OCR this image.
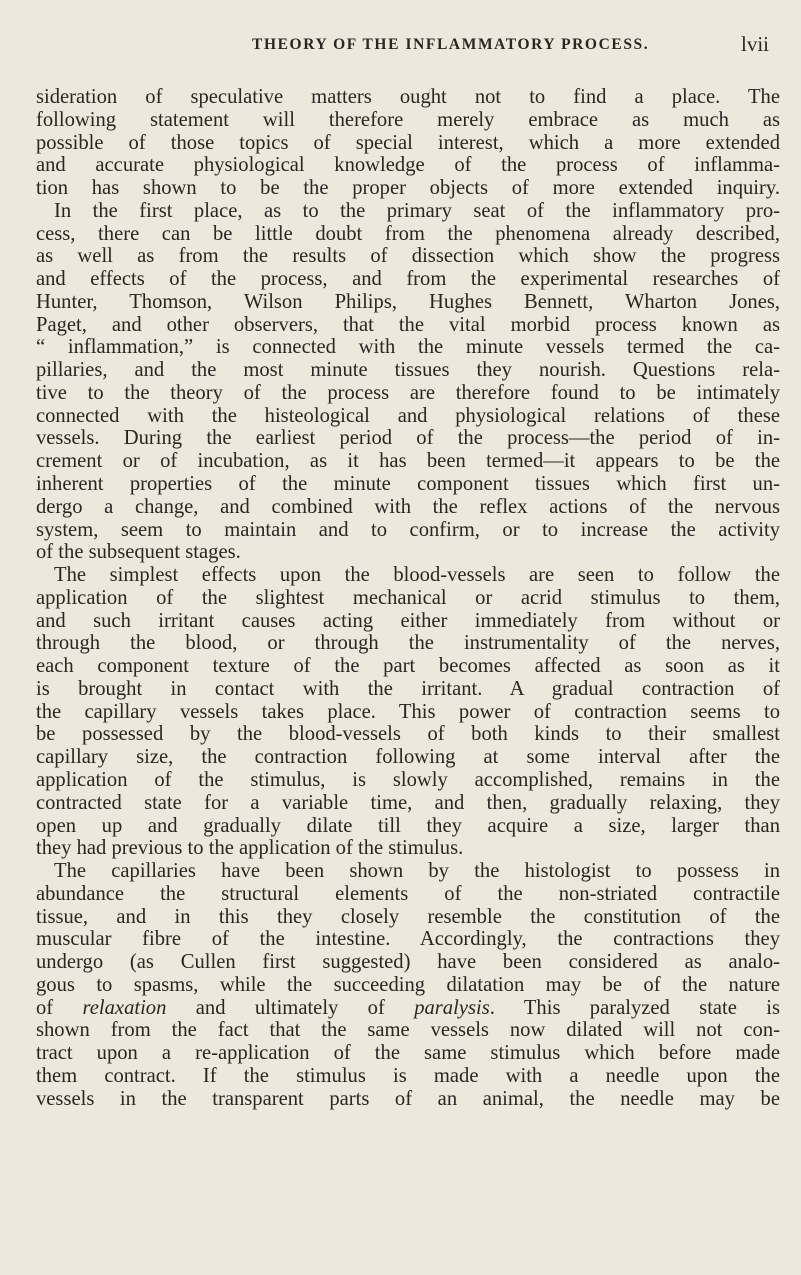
THEORY OF THE INFLAMMATORY PROCESS.	lvii
sideration of speculative matters ought not to find a place. The
following statement will therefore merely embrace as much as
possible of those topics of special interest, which a more extended
and accurate physiological knowledge of the process of inflamma-
tion has shown to be the proper objects of more extended inquiry.
In the first place, as to the primary seat of the inflammatory pro-
cess, there can be little doubt from the phenomena already described,
as well as from the results of dissection which show the progress
and effects of the process, and from the experimental researches of
Hunter, Thomson, Wilson Philips, Hughes Bennett, Wharton Jones,
Paget, and other observers, that the vital morbid process known as
“ inflammation,” is connected with the minute vessels termed the ca-
pillaries, and the most minute tissues they nourish. Questions rela-
tive to the theory of the process are therefore found to be intimately
connected with the histeological and physiological relations of these
vessels. During the earliest period of the process—the period of in-
crement or of incubation, as it has been termed—it appears to be the
inherent properties of the minute component tissues which first un-
dergo a change, and combined with the reflex actions of the nervous
system, seem to maintain and to confirm, or to increase the activity
of the subsequent stages.
The simplest effects upon the blood-vessels are seen to follow the
application of the slightest mechanical or acrid stimulus to them,
and such irritant causes acting either immediately from without or
through the blood, or through the instrumentality of the nerves,
each component texture of the part becomes affected as soon as it
is brought in contact with the irritant. A gradual contraction of
the capillary vessels takes place. This power of contraction seems to
be possessed by the blood-vessels of both kinds to their smallest
capillary size, the contraction following at some interval after the
application of the stimulus, is slowly accomplished, remains in the
contracted state for a variable time, and then, gradually relaxing, they
open up and gradually dilate till they acquire a size, larger than
they had previous to the application of the stimulus.
The capillaries have been shown by the histologist to possess in
abundance the structural elements of the non-striated contractile
tissue, and in this they closely resemble the constitution of the
muscular fibre of the intestine. Accordingly, the contractions they
undergo (as Cullen first suggested) have been considered as analo-
gous to spasms, while the succeeding dilatation may be of the nature
of relaxation and ultimately of paralysis. This paralyzed state is
shown from the fact that the same vessels now dilated will not con-
tract upon a re-application of the same stimulus which before made
them contract. If the stimulus is made with a needle upon the
vessels in the transparent parts of an animal, the needle may be
